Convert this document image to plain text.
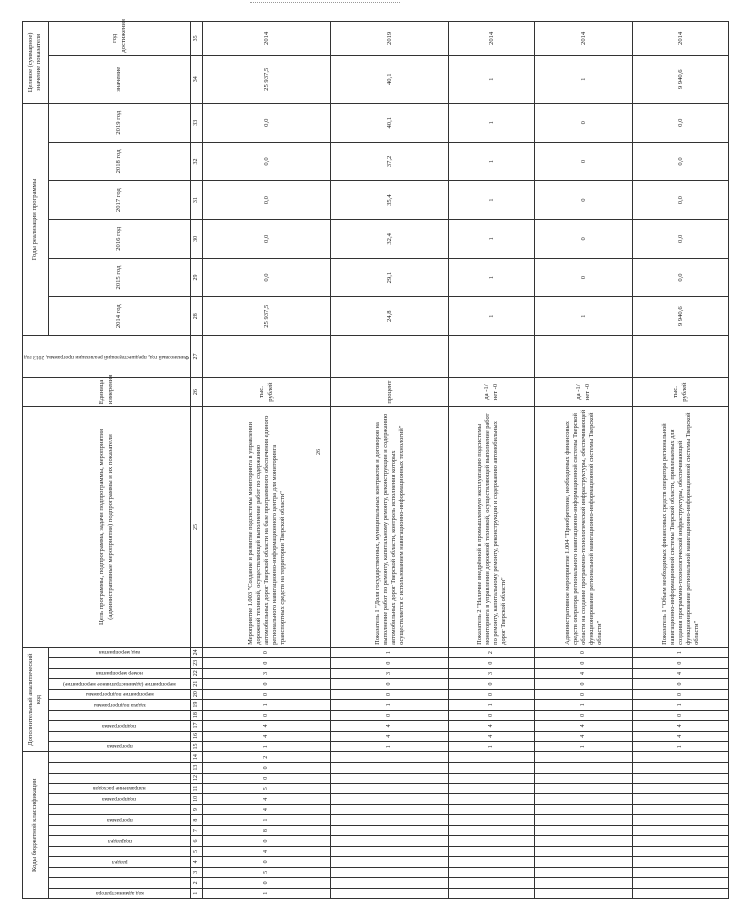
26
Коды бюджетной классификации														Дополнительный аналитический код										Цель программы, подпрограмма, задачи подпрограммы, мероприятия (административные мероприятия) подпрограммы и их показатели	Единица измерения	Финансовый год, предшествующий реализации программы, 2013 год	Годы реализации программы						Целевое (суммарное) значение показателя	

код администратора			раздел		подраздел		программа		подпрограмма	направление расходов				программа		подпрограмма		задача подпрограммы	мероприятие подпрограммы	мероприятие (административное мероприятие)	номер мероприятия		вид мероприятия				2014 год	2015 год	2016 год	2017 год	2018 год	2019 год	значение	год достижения
1	2	3	4	5	6	7	8	9	10	11	12	13	14	15	16	17	18	19	20	21	22	23	24	25	26	27	28	29	30	31	32	33	34	35
1	0	5	0	4	0	8	1	4	4	5	0	0	2	1	4	4	0	1	0	0	3	0	0	Мероприятие 1.003 "Создание и развитие подсистемы мониторинга в управлении дорожной техникой, осуществляющей выполнение работ по содержанию автомобильных дорог Тверской области на базе программного обеспечения единого регионального навигационно-информационного центра для мониторинга транспортных средств на территории Тверской области"	тыс. рублей		25 937,5	0,0	0,0	0,0	0,0	0,0	25 937,5	2014
														1	4	4	0	1	0	0	3	0	1	Показатель 1 "Доля государственных, муниципальных контрактов и договоров на выполнение работ по ремонту, капитальному ремонту, реконструкции и содержанию автомобильных дорог Тверской области, контроль исполнения которых осуществляется с использованием навигационно-информационных технологий"	процент		24,8	29,1	32,4	35,4	37,2	40,1	40,1	2019
														1	4	4	0	1	0	0	3	0	2	Показатель 2 "Наличие внедрённой в промышленную эксплуатацию подсистемы мониторинга в управлении дорожной техникой, осуществляющей выполнение работ по ремонту, капитальному ремонту, реконструкции и содержанию автомобильных дорог Тверской области"	да -1/ нет -0		1	1	1	1	1	1	1	2014
														1	4	4	0	1	0	0	4	0	0	Административное мероприятие 1.004 "Приобретение, необходимых финансовых средств оператора регионального навигационно-информационной системы Тверской области на создание программно-технологической инфраструктуры, обеспечивающей функционирование региональной навигационно-информационной системы Тверской области"	да -1/ нет -0		1	0	0	0	0	0	1	2014
														1	4	4	0	1	0	0	4	0	1	Показатель 1 "Объем необходимых финансовых средств оператора региональной навигационно-информационной системы Тверской области, привлекаемых для создания программно-технологической инфраструктуры, обеспечивающей функционирование региональной навигационно-информационной системы Тверской области"	тыс. рублей		9 940,6	0,0	0,0	0,0	0,0	0,0	9 940,6	2014
